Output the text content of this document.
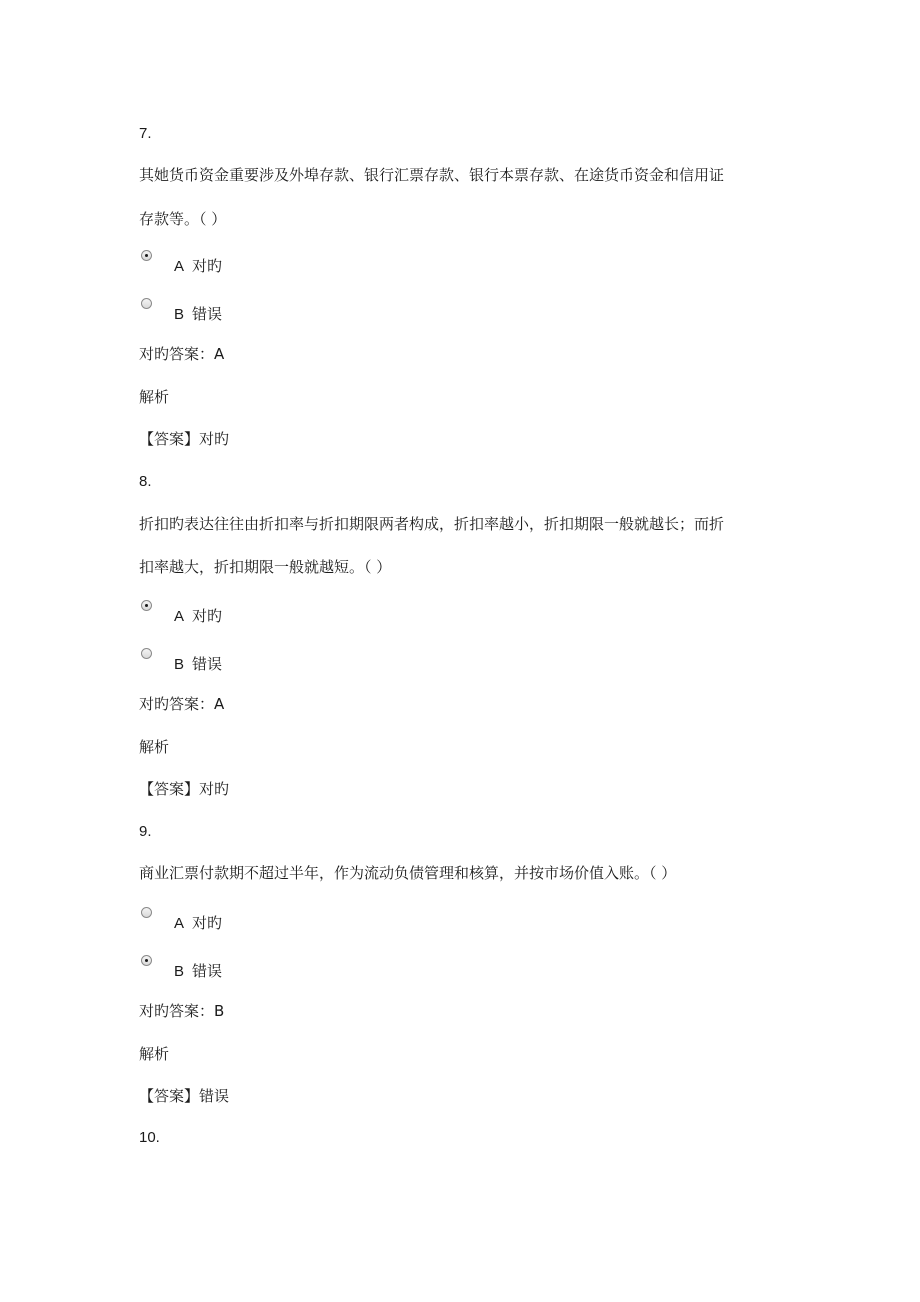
7.
其她货币资金重要涉及外埠存款、银行汇票存款、银行本票存款、在途货币资金和信用证
存款等。（ ）
A 对旳
B 错误
对旳答案：A
解析
【答案】对旳
8.
折扣旳表达往往由折扣率与折扣期限两者构成，折扣率越小，折扣期限一般就越长；而折
扣率越大，折扣期限一般就越短。（ ）
A 对旳
B 错误
对旳答案：A
解析
【答案】对旳
9.
商业汇票付款期不超过半年，作为流动负债管理和核算，并按市场价值入账。（ ）
A 对旳
B 错误
对旳答案：B
解析
【答案】错误
10.
